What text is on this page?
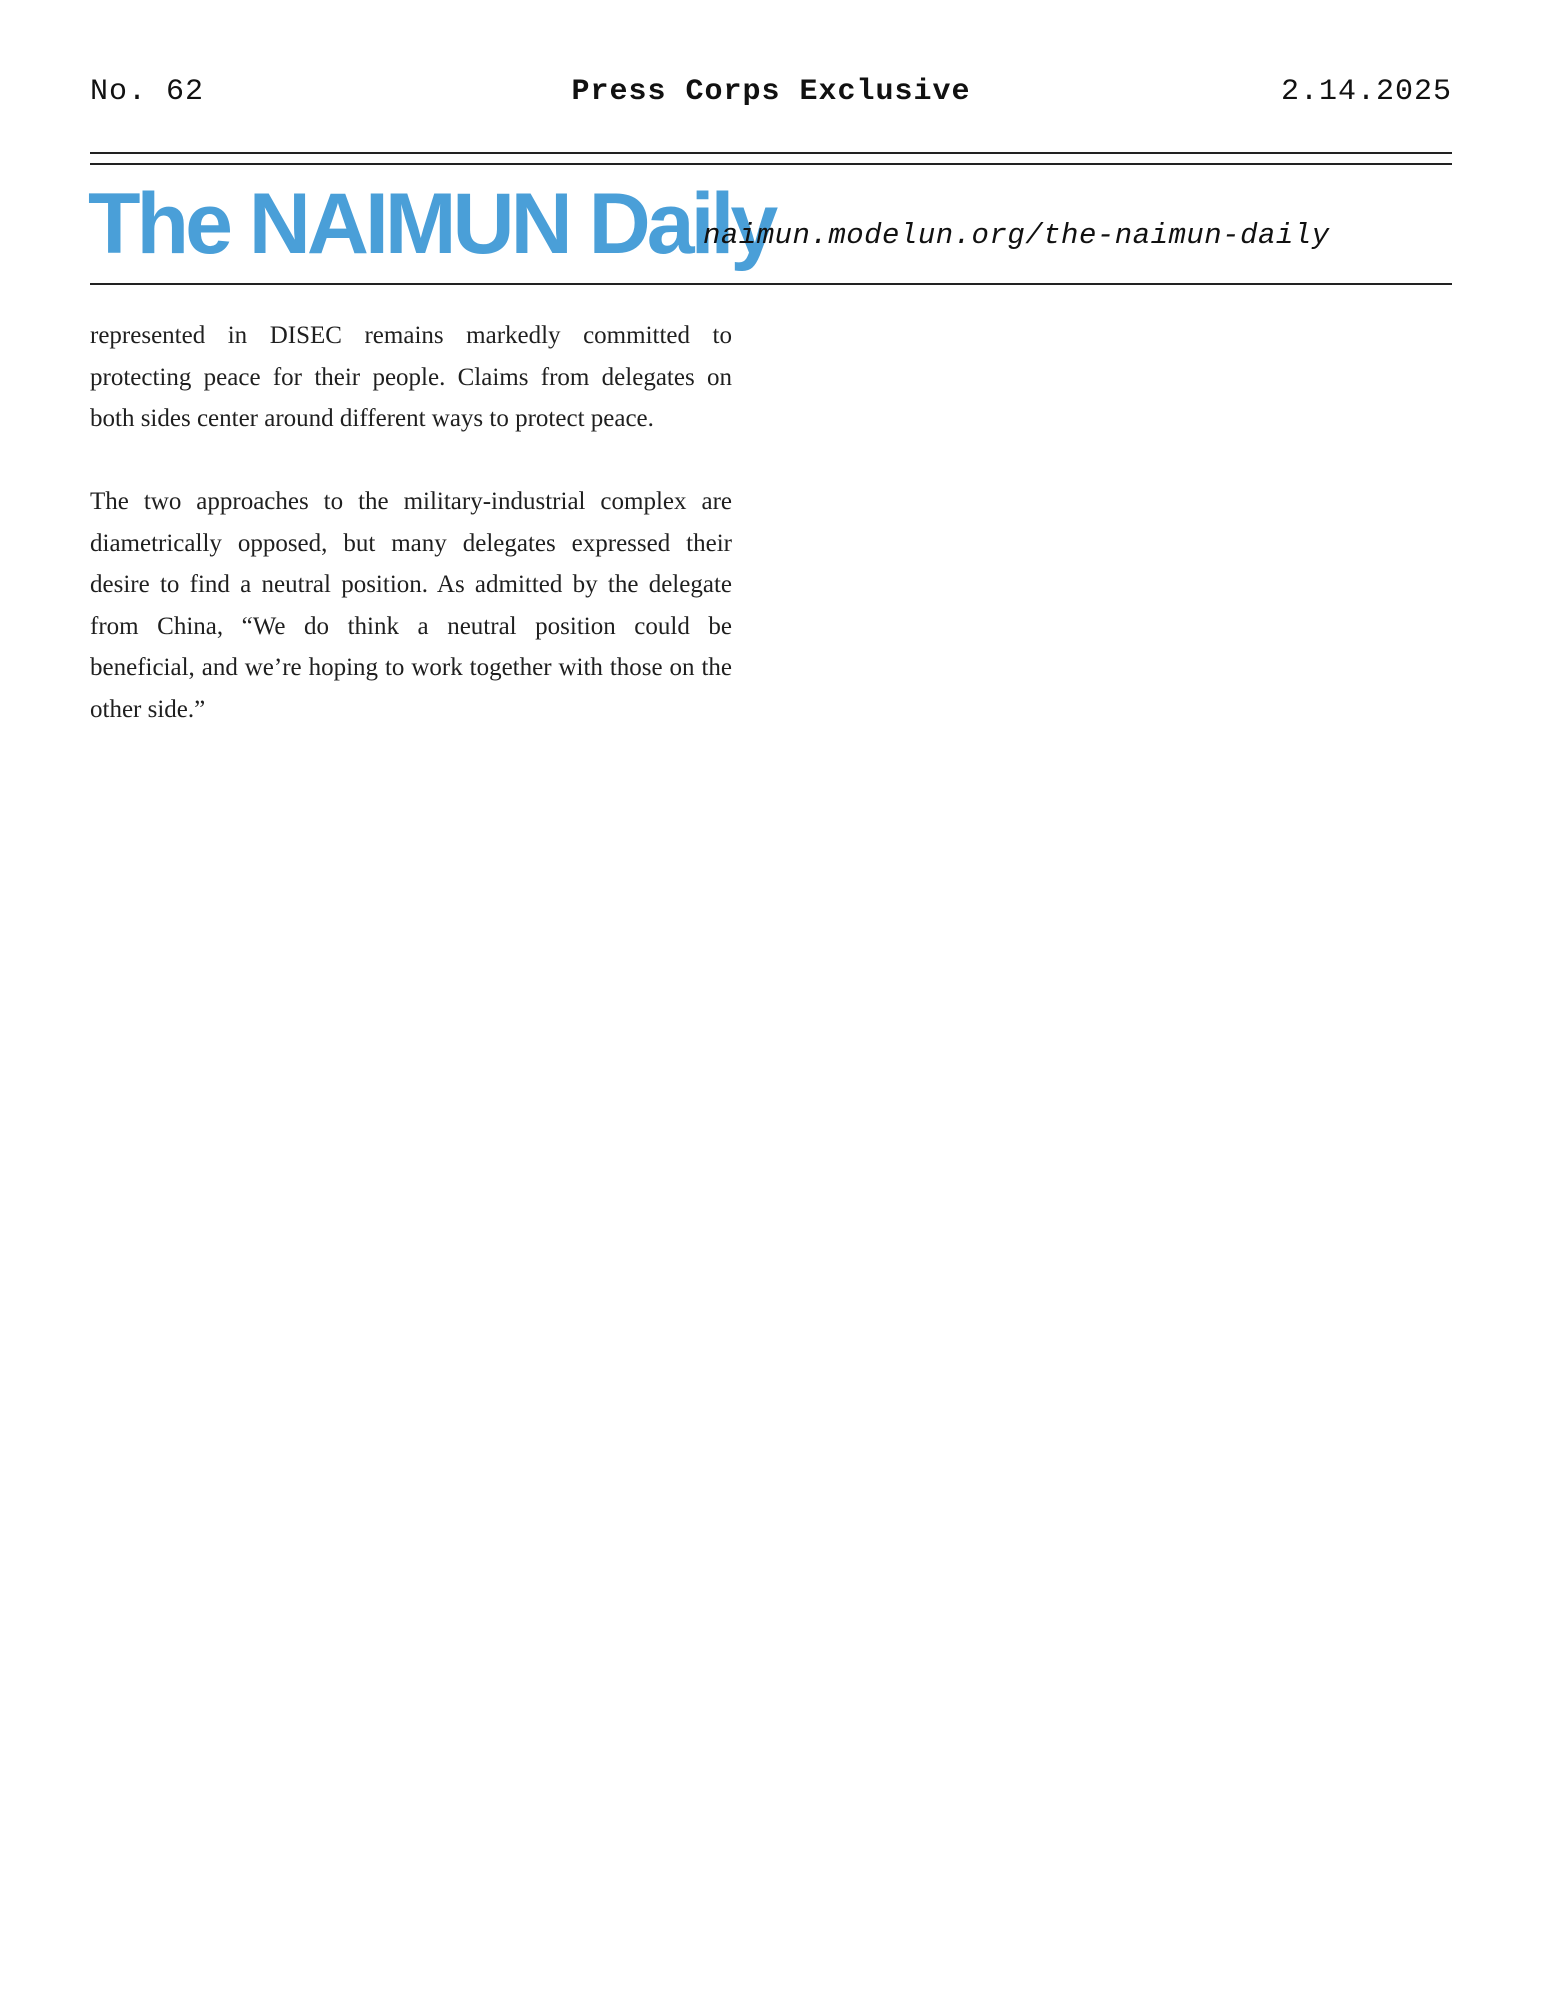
No. 62	Press Corps Exclusive	2.14.2025
The NAIMUN Daily
naimun.modelun.org/the-naimun-daily

represented in DISEC remains markedly committed to protecting peace for their people. Claims from delegates on both sides center around different ways to protect peace.

The two approaches to the military-industrial complex are diametrically opposed, but many delegates expressed their desire to find a neutral position. As admitted by the delegate from China, “We do think a neutral position could be beneficial, and we’re hoping to work together with those on the other side.”
